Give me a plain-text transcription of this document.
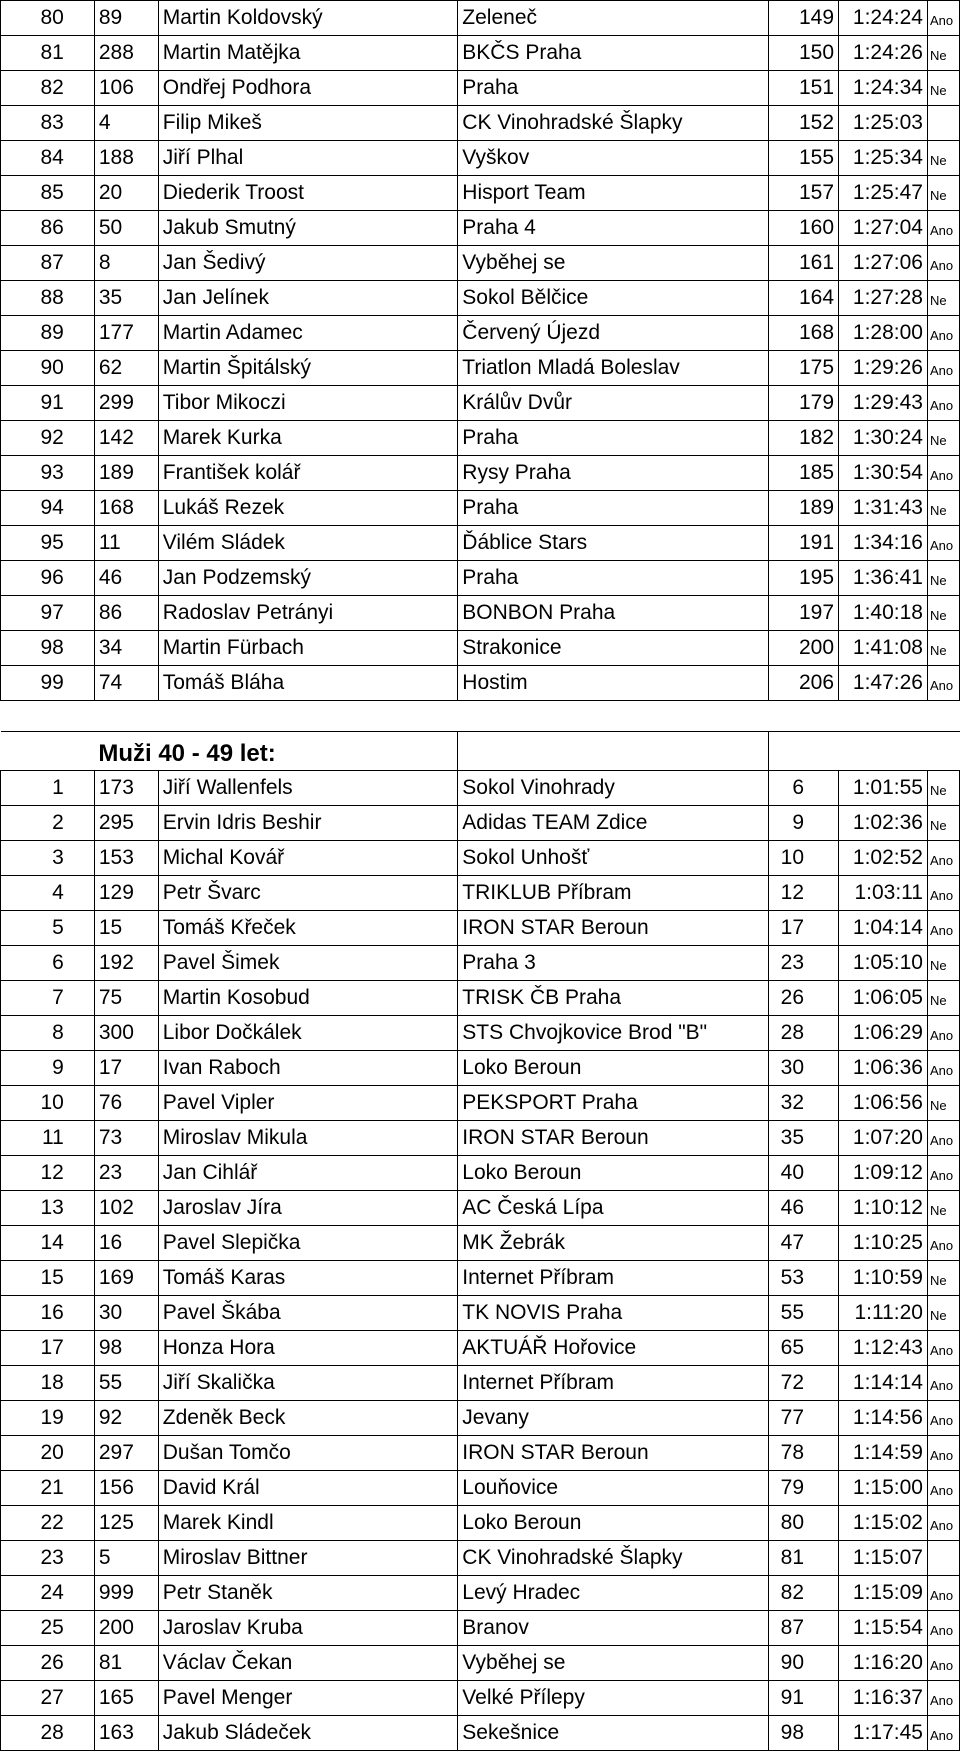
80	89	Martin Koldovský	Zeleneč	149	1:24:24	Ano
81	288	Martin Matějka	BKČS Praha	150	1:24:26	Ne
82	106	Ondřej Podhora	Praha	151	1:24:34	Ne
83	4	Filip Mikeš	CK Vinohradské Šlapky	152	1:25:03	
84	188	Jiří Plhal	Vyškov	155	1:25:34	Ne
85	20	Diederik Troost	Hisport Team	157	1:25:47	Ne
86	50	Jakub Smutný	Praha 4	160	1:27:04	Ano
87	8	Jan Šedivý	Vyběhej se	161	1:27:06	Ano
88	35	Jan Jelínek	Sokol Bělčice	164	1:27:28	Ne
89	177	Martin Adamec	Červený Újezd	168	1:28:00	Ano
90	62	Martin Špitálský	Triatlon Mladá Boleslav	175	1:29:26	Ano
91	299	Tibor Mikoczi	Králův Dvůr	179	1:29:43	Ano
92	142	Marek Kurka	Praha	182	1:30:24	Ne
93	189	František kolář	Rysy Praha	185	1:30:54	Ano
94	168	Lukáš Rezek	Praha	189	1:31:43	Ne
95	11	Vilém Sládek	Ďáblice Stars	191	1:34:16	Ano
96	46	Jan Podzemský	Praha	195	1:36:41	Ne
97	86	Radoslav Petrányi	BONBON Praha	197	1:40:18	Ne
98	34	Martin Fürbach	Strakonice	200	1:41:08	Ne
99	74	Tomáš Bláha	Hostim	206	1:47:26	Ano

	Muži 40 - 49 let:					
1	173	Jiří Wallenfels	Sokol Vinohrady	6	1:01:55	Ne
2	295	Ervin Idris Beshir	Adidas TEAM Zdice	9	1:02:36	Ne
3	153	Michal Kovář	Sokol Unhošť	10	1:02:52	Ano
4	129	Petr Švarc	TRIKLUB Příbram	12	1:03:11	Ano
5	15	Tomáš Křeček	IRON STAR Beroun	17	1:04:14	Ano
6	192	Pavel Šimek	Praha 3	23	1:05:10	Ne
7	75	Martin Kosobud	TRISK ČB Praha	26	1:06:05	Ne
8	300	Libor Dočkálek	STS Chvojkovice Brod "B"	28	1:06:29	Ano
9	17	Ivan Raboch	Loko Beroun	30	1:06:36	Ano
10	76	Pavel Vipler	PEKSPORT Praha	32	1:06:56	Ne
11	73	Miroslav Mikula	IRON STAR Beroun	35	1:07:20	Ano
12	23	Jan Cihlář	Loko Beroun	40	1:09:12	Ano
13	102	Jaroslav Jíra	AC Česká Lípa	46	1:10:12	Ne
14	16	Pavel Slepička	MK Žebrák	47	1:10:25	Ano
15	169	Tomáš Karas	Internet Příbram	53	1:10:59	Ne
16	30	Pavel Škába	TK NOVIS Praha	55	1:11:20	Ne
17	98	Honza Hora	AKTUÁŘ Hořovice	65	1:12:43	Ano
18	55	Jiří Skalička	Internet Příbram	72	1:14:14	Ano
19	92	Zdeněk Beck	Jevany	77	1:14:56	Ano
20	297	Dušan Tomčo	IRON STAR Beroun	78	1:14:59	Ano
21	156	David Král	Louňovice	79	1:15:00	Ano
22	125	Marek Kindl	Loko Beroun	80	1:15:02	Ano
23	5	Miroslav Bittner	CK Vinohradské Šlapky	81	1:15:07	
24	999	Petr Staněk	Levý Hradec	82	1:15:09	Ano
25	200	Jaroslav Kruba	Branov	87	1:15:54	Ano
26	81	Václav Čekan	Vyběhej se	90	1:16:20	Ano
27	165	Pavel Menger	Velké Přílepy	91	1:16:37	Ano
28	163	Jakub Sládeček	Sekešnice	98	1:17:45	Ano
